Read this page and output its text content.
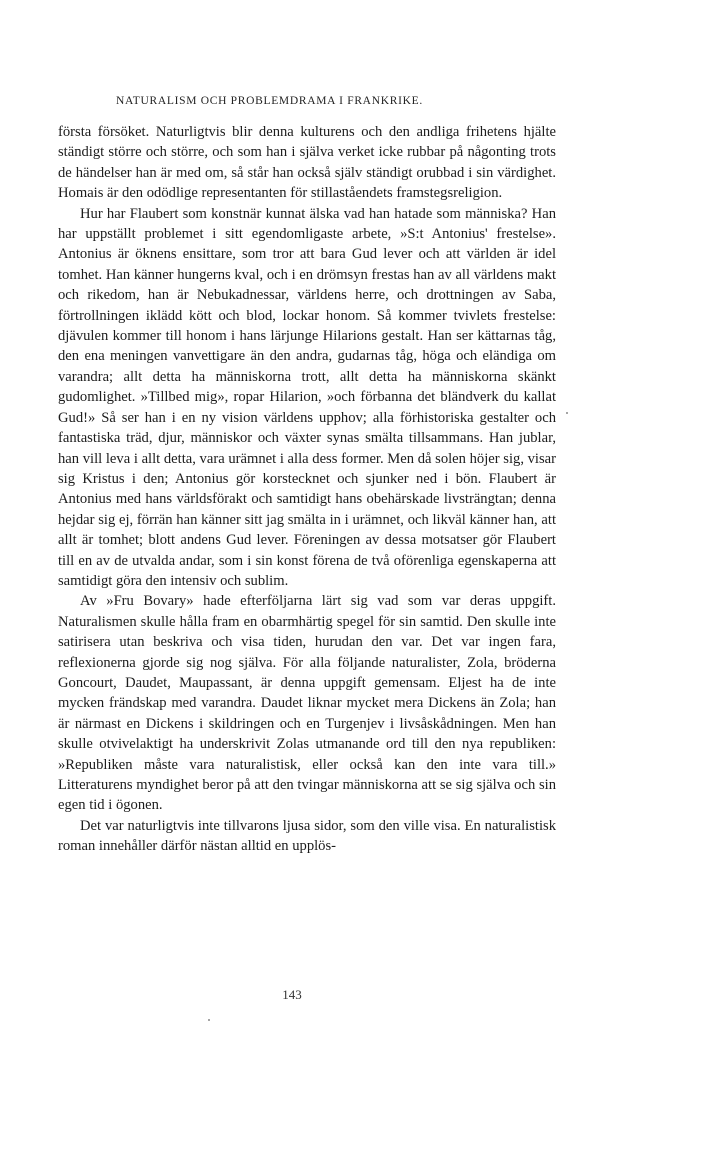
NATURALISM OCH PROBLEMDRAMA I FRANKRIKE.

första försöket. Naturligtvis blir denna kulturens och den andliga frihetens hjälte ständigt större och större, och som han i själva verket icke rubbar på någonting trots de händelser han är med om, så står han också själv ständigt orubbad i sin värdighet. Homais är den odödlige representanten för stillaståendets framstegsreligion.

Hur har Flaubert som konstnär kunnat älska vad han hatade som människa? Han har uppställt problemet i sitt egendomligaste arbete, »S:t Antonius' frestelse». Antonius är öknens ensittare, som tror att bara Gud lever och att världen är idel tomhet. Han känner hungerns kval, och i en drömsyn frestas han av all världens makt och rikedom, han är Nebukadnessar, världens herre, och drottningen av Saba, förtrollningen iklädd kött och blod, lockar honom. Så kommer tvivlets frestelse: djävulen kommer till honom i hans lärjunge Hilarions gestalt. Han ser kättarnas tåg, den ena meningen vanvettigare än den andra, gudarnas tåg, höga och eländiga om varandra; allt detta ha människorna trott, allt detta ha människorna skänkt gudomlighet. »Tillbed mig», ropar Hilarion, »och förbanna det bländverk du kallat Gud!» Så ser han i en ny vision världens upphov; alla förhistoriska gestalter och fantastiska träd, djur, människor och växter synas smälta tillsammans. Han jublar, han vill leva i allt detta, vara urämnet i alla dess former. Men då solen höjer sig, visar sig Kristus i den; Antonius gör korstecknet och sjunker ned i bön. Flaubert är Antonius med hans världsförakt och samtidigt hans obehärskade livsträngtan; denna hejdar sig ej, förrän han känner sitt jag smälta in i urämnet, och likväl känner han, att allt är tomhet; blott andens Gud lever. Föreningen av dessa motsatser gör Flaubert till en av de utvalda andar, som i sin konst förena de två oförenliga egenskaperna att samtidigt göra den intensiv och sublim.

Av »Fru Bovary» hade efterföljarna lärt sig vad som var deras uppgift. Naturalismen skulle hålla fram en obarmhärtig spegel för sin samtid. Den skulle inte satirisera utan beskriva och visa tiden, hurudan den var. Det var ingen fara, reflexionerna gjorde sig nog själva. För alla följande naturalister, Zola, bröderna Goncourt, Daudet, Maupassant, är denna uppgift gemensam. Eljest ha de inte mycken frändskap med varandra. Daudet liknar mycket mera Dickens än Zola; han är närmast en Dickens i skildringen och en Turgenjev i livsåskådningen. Men han skulle otvivelaktigt ha underskrivit Zolas utmanande ord till den nya republiken: »Republiken måste vara naturalistisk, eller också kan den inte vara till.» Litteraturens myndighet beror på att den tvingar människorna att se sig själva och sin egen tid i ögonen.

Det var naturligtvis inte tillvarons ljusa sidor, som den ville visa. En naturalistisk roman innehåller därför nästan alltid en upplös-

143
